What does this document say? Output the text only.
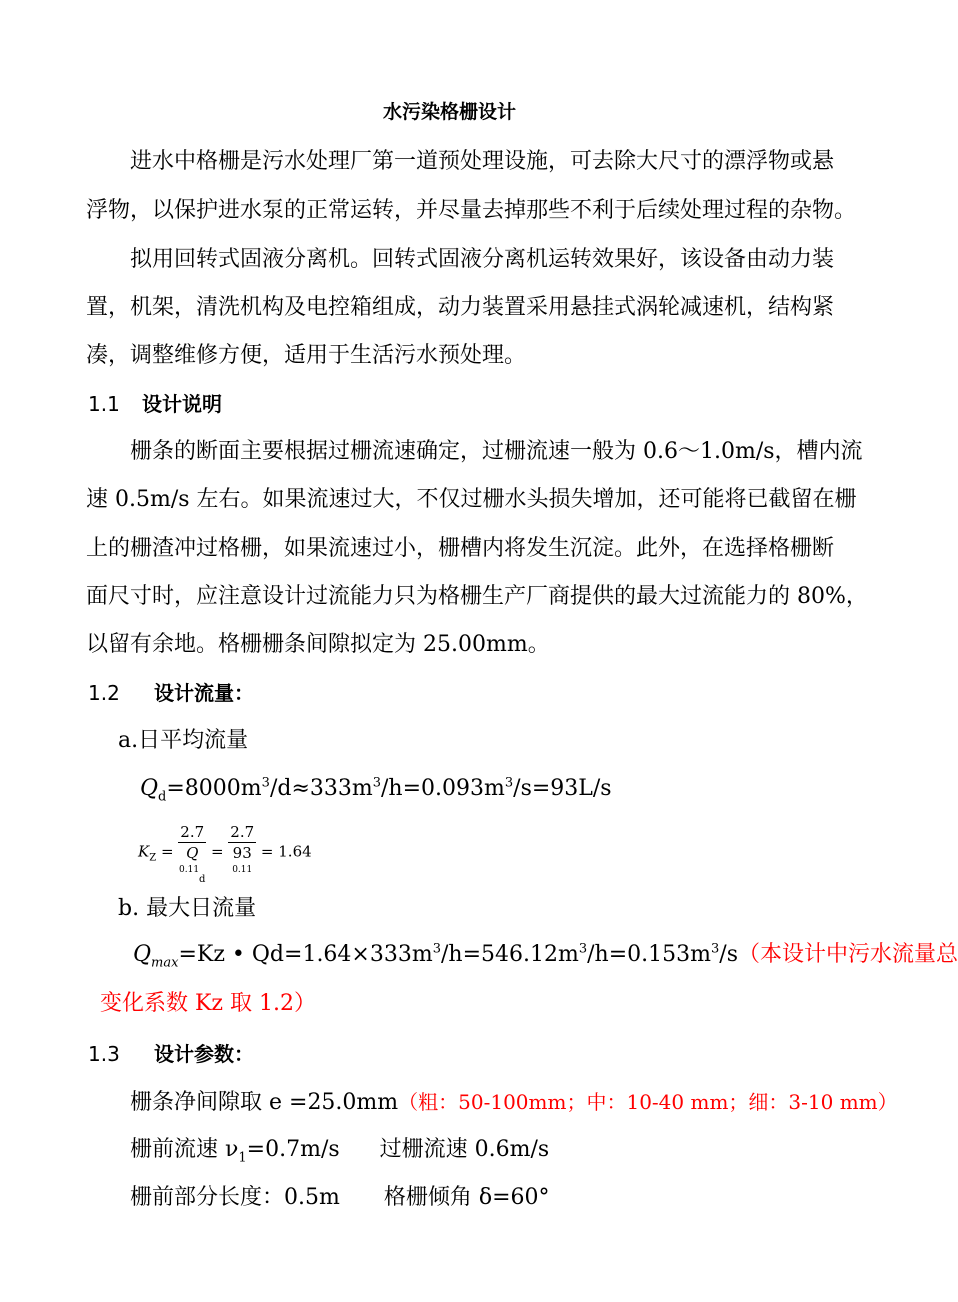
水污染格栅设计
进水中格栅是污水处理厂第一道预处理设施，可去除大尺寸的漂浮物或悬
浮物，以保护进水泵的正常运转，并尽量去掉那些不利于后续处理过程的杂物。
拟用回转式固液分离机。回转式固液分离机运转效果好，该设备由动力装
置，机架，清洗机构及电控箱组成，动力装置采用悬挂式涡轮减速机，结构紧
凑，调整维修方便，适用于生活污水预处理。
1.1 设计说明
栅条的断面主要根据过栅流速确定，过栅流速一般为 0.6～1.0m/s，槽内流
速 0.5m/s 左右。如果流速过大，不仅过栅水头损失增加，还可能将已截留在栅
上的栅渣冲过格栅，如果流速过小，栅槽内将发生沉淀。此外，在选择格栅断
面尺寸时，应注意设计过流能力只为格栅生产厂商提供的最大过流能力的 80%，
以留有余地。格栅栅条间隙拟定为 25.00mm。
1.2 设计流量：
a.日平均流量
$Q_d=8000m^3/d\approx 333m^3/h=0.093m^3/s=93L/s$
$K_Z = 2.7$
Q
$^{0.11}_d$ = 2.7
93
$^{0.11}$ = 1.64
b. 最大日流量
$Q_{max}=Kz$ • $Qd=1.64\times 333m^3/h=546.12m^3/h=0.153m^3/s$（本设计中污水流量总
变化系数 Kz 取 1.2）
1.3 设计参数：
栅条净间隙取 e =25.0mm（粗：50-100mm；中：10-40 mm；细：3-10 mm）
栅前流速 $\nu_1=0.7m/s$ 过栅流速 0.6m/s
栅前部分长度：0.5m 格栅倾角 δ=60°
